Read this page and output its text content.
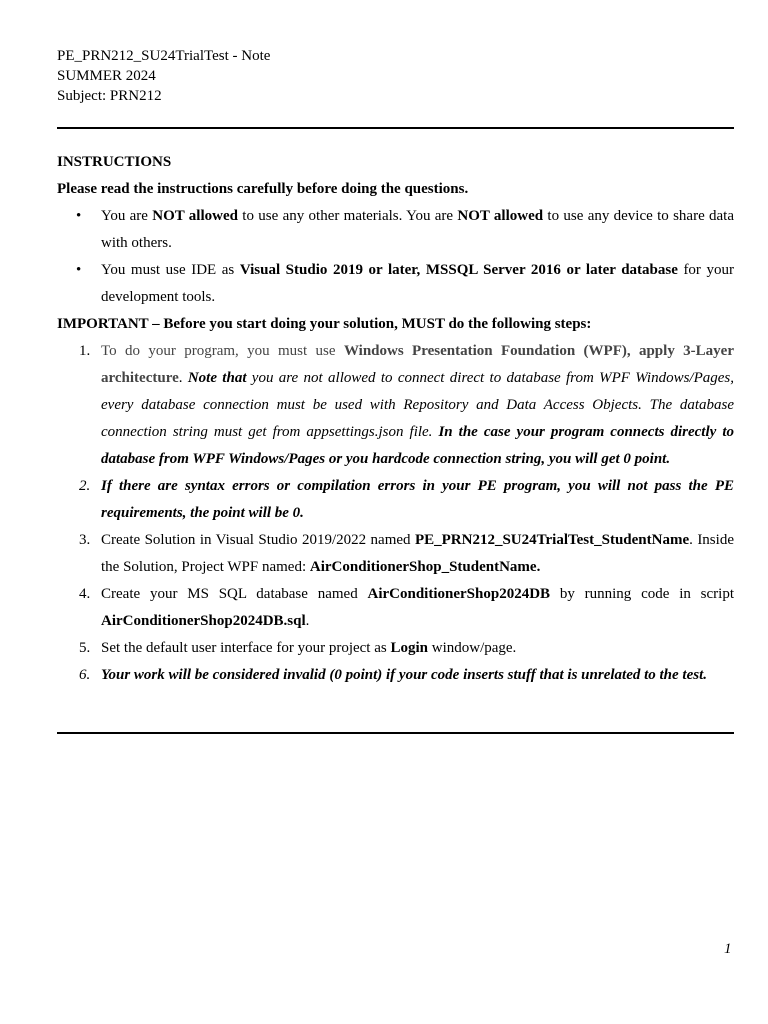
PE_PRN212_SU24TrialTest - Note
SUMMER 2024
Subject: PRN212

INSTRUCTIONS

Please read the instructions carefully before doing the questions.

• You are NOT allowed to use any other materials. You are NOT allowed to use any device to share data with others.
• You must use IDE as Visual Studio 2019 or later, MSSQL Server 2016 or later database for your development tools.

IMPORTANT – Before you start doing your solution, MUST do the following steps:

1. To do your program, you must use Windows Presentation Foundation (WPF), apply 3-Layer architecture. Note that you are not allowed to connect direct to database from WPF Windows/Pages, every database connection must be used with Repository and Data Access Objects. The database connection string must get from appsettings.json file. In the case your program connects directly to database from WPF Windows/Pages or you hardcode connection string, you will get 0 point.
2. If there are syntax errors or compilation errors in your PE program, you will not pass the PE requirements, the point will be 0.
3. Create Solution in Visual Studio 2019/2022 named PE_PRN212_SU24TrialTest_StudentName. Inside the Solution, Project WPF named: AirConditionerShop_StudentName.
4. Create your MS SQL database named AirConditionerShop2024DB by running code in script AirConditionerShop2024DB.sql.
5. Set the default user interface for your project as Login window/page.
6. Your work will be considered invalid (0 point) if your code inserts stuff that is unrelated to the test.
1
